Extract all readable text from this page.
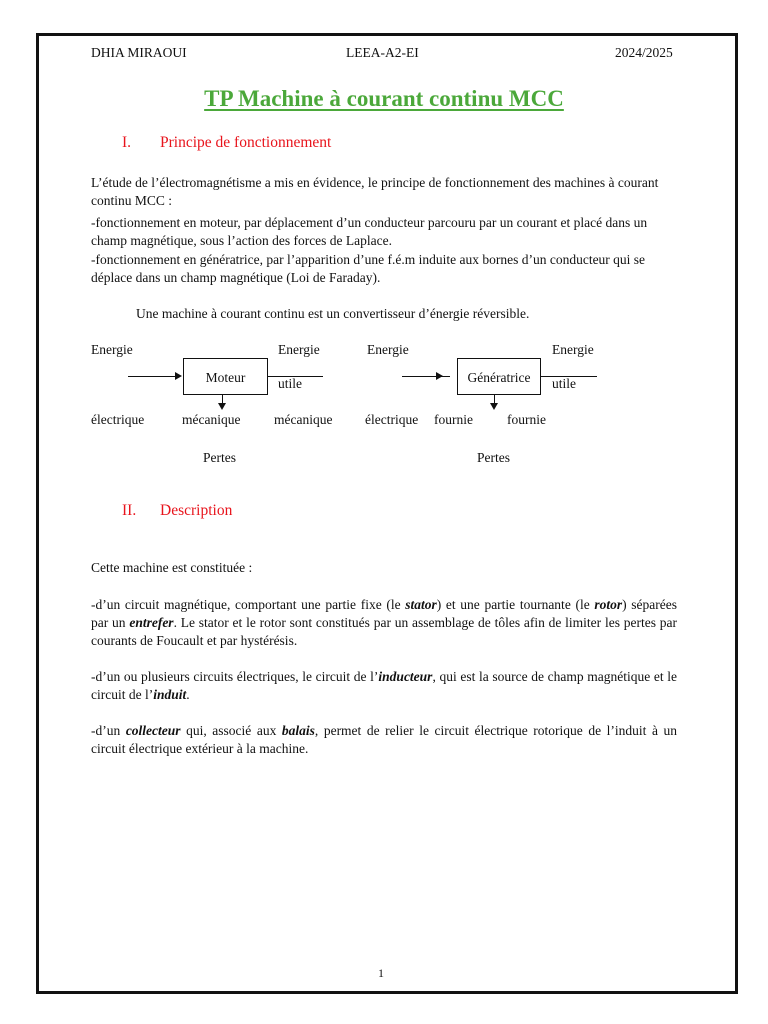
DHIA MIRAOUI	LEEA-A2-EI	2024/2025
TP Machine à courant continu MCC
I. Principe de fonctionnement
L’étude de l’électromagnétisme a mis en évidence, le principe de fonctionnement des machines à courant continu MCC :
-fonctionnement en moteur, par déplacement d’un conducteur parcouru par un courant et placé dans un champ magnétique, sous l’action des forces de Laplace.
-fonctionnement en génératrice, par l’apparition d’une f.é.m induite aux bornes d’un conducteur qui se déplace dans un champ magnétique (Loi de Faraday).
Une machine à courant continu est un convertisseur d’énergie réversible.
Energie	Energie
Moteur	utile
électrique	mécanique mécanique
Pertes
Energie	Energie
Génératrice	utile
électrique fournie	fournie
Pertes
II. Description
Cette machine est constituée :
-d’un circuit magnétique, comportant une partie fixe (le stator) et une partie tournante (le rotor) séparées par un entrefer. Le stator et le rotor sont constitués par un assemblage de tôles afin de limiter les pertes par courants de Foucault et par hystérésis.
-d’un ou plusieurs circuits électriques, le circuit de l’inducteur, qui est la source de champ magnétique et le circuit de l’induit.
-d’un collecteur qui, associé aux balais, permet de relier le circuit électrique rotorique de l’induit à un circuit électrique extérieur à la machine.
1
